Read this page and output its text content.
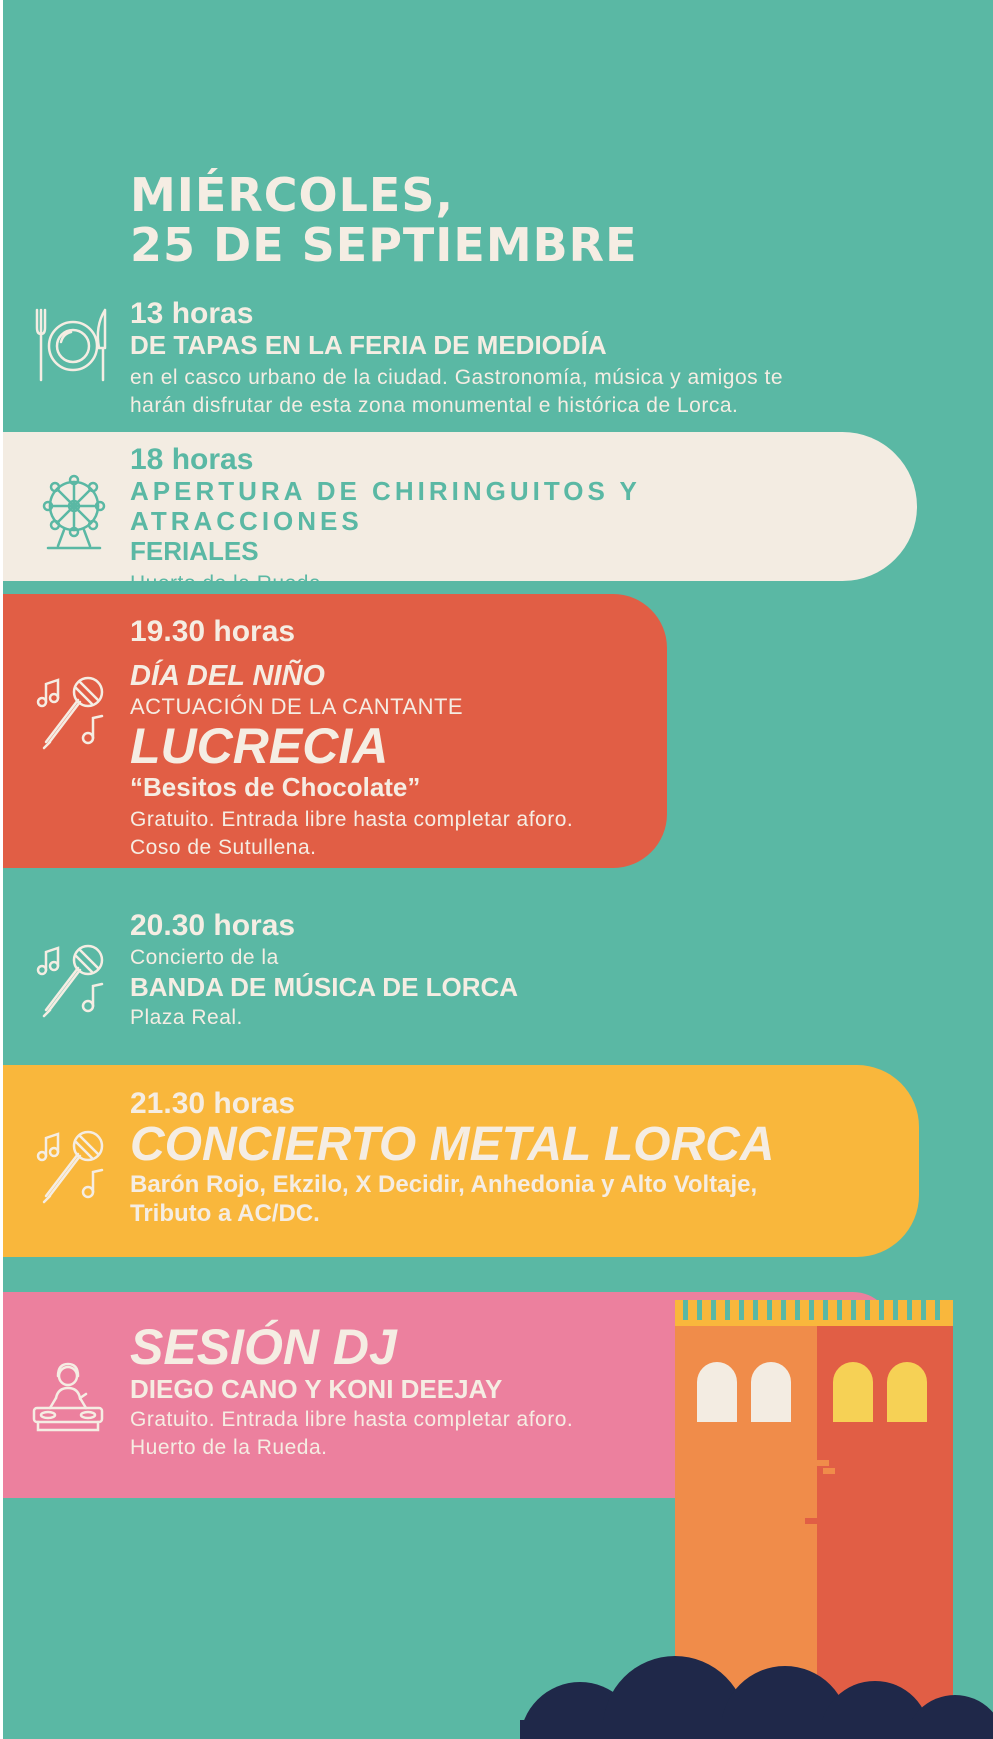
MIÉRCOLES,
25 DE SEPTIEMBRE
13 horas
DE TAPAS EN LA FERIA DE MEDIODÍA
en el casco urbano de la ciudad. Gastronomía, música y amigos te
harán disfrutar de esta zona monumental e histórica de Lorca.
18 horas
APERTURA DE CHIRINGUITOS Y ATRACCIONES
FERIALES
Huerto de la Rueda.
19.30 horas
DÍA DEL NIÑO
ACTUACIÓN DE LA CANTANTE
LUCRECIA
“Besitos de Chocolate”
Gratuito. Entrada libre hasta completar aforo.
Coso de Sutullena.
20.30 horas
Concierto de la
BANDA DE MÚSICA DE LORCA
Plaza Real.
21.30 horas
CONCIERTO METAL LORCA
Barón Rojo, Ekzilo, X Decidir, Anhedonia y Alto Voltaje,
Tributo a AC/DC.
SESIÓN DJ
DIEGO CANO Y KONI DEEJAY
Gratuito. Entrada libre hasta completar aforo.
Huerto de la Rueda.
